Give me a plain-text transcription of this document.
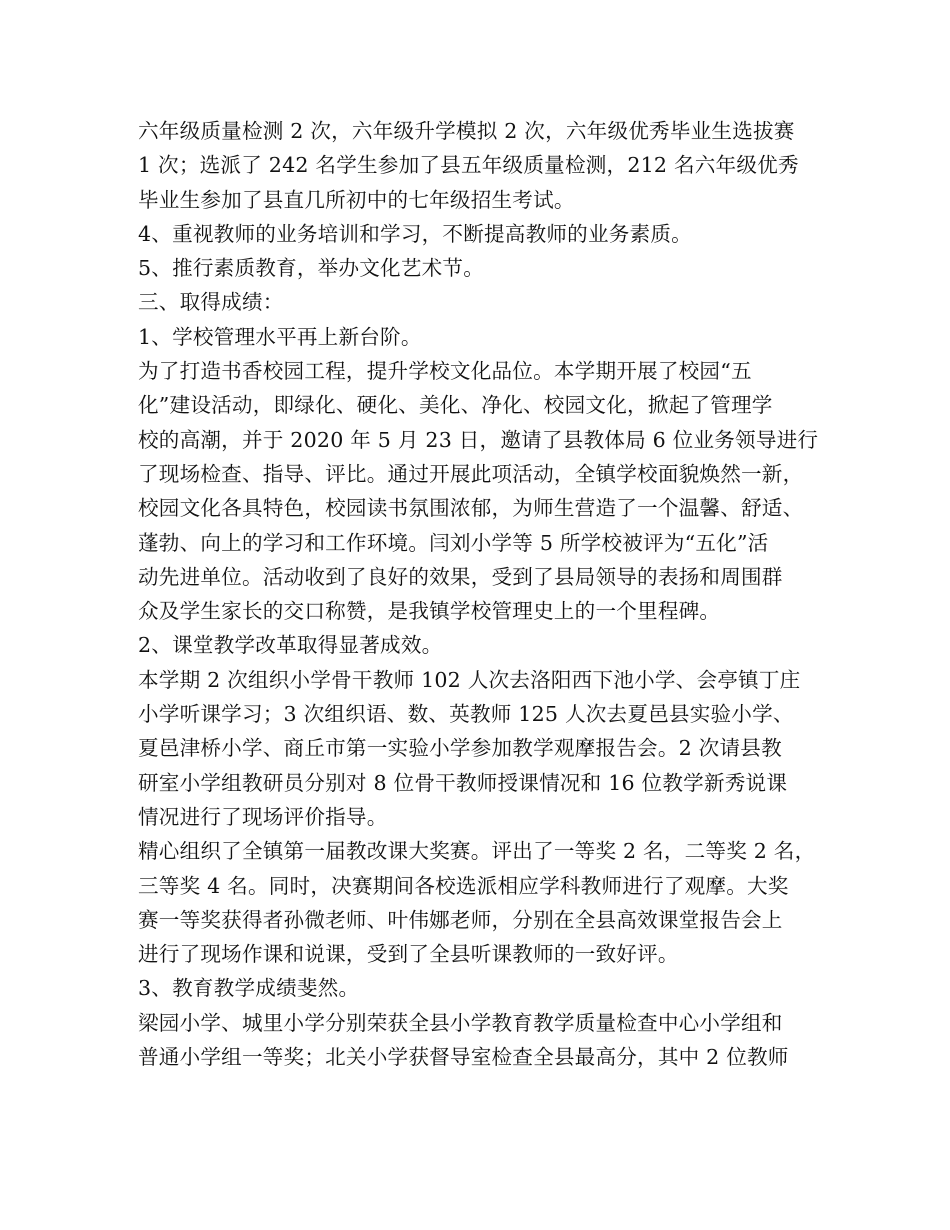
六年级质量检测 2 次，六年级升学模拟 2 次，六年级优秀毕业生选拔赛
1 次；选派了 242 名学生参加了县五年级质量检测，212 名六年级优秀
毕业生参加了县直几所初中的七年级招生考试。
4、重视教师的业务培训和学习，不断提高教师的业务素质。
5、推行素质教育，举办文化艺术节。
三、取得成绩：
1、学校管理水平再上新台阶。
为了打造书香校园工程，提升学校文化品位。本学期开展了校园“五
化”建设活动，即绿化、硬化、美化、净化、校园文化，掀起了管理学
校的高潮，并于 2020 年 5 月 23 日，邀请了县教体局 6 位业务领导进行
了现场检查、指导、评比。通过开展此项活动，全镇学校面貌焕然一新，
校园文化各具特色，校园读书氛围浓郁，为师生营造了一个温馨、舒适、
蓬勃、向上的学习和工作环境。闫刘小学等 5 所学校被评为“五化”活
动先进单位。活动收到了良好的效果，受到了县局领导的表扬和周围群
众及学生家长的交口称赞，是我镇学校管理史上的一个里程碑。
2、课堂教学改革取得显著成效。
本学期 2 次组织小学骨干教师 102 人次去洛阳西下池小学、会亭镇丁庄
小学听课学习；3 次组织语、数、英教师 125 人次去夏邑县实验小学、
夏邑津桥小学、商丘市第一实验小学参加教学观摩报告会。2 次请县教
研室小学组教研员分别对 8 位骨干教师授课情况和 16 位教学新秀说课
情况进行了现场评价指导。
精心组织了全镇第一届教改课大奖赛。评出了一等奖 2 名，二等奖 2 名，
三等奖 4 名。同时，决赛期间各校选派相应学科教师进行了观摩。大奖
赛一等奖获得者孙微老师、叶伟娜老师，分别在全县高效课堂报告会上
进行了现场作课和说课，受到了全县听课教师的一致好评。
3、教育教学成绩斐然。
梁园小学、城里小学分别荣获全县小学教育教学质量检查中心小学组和
普通小学组一等奖；北关小学获督导室检查全县最高分，其中 2 位教师
